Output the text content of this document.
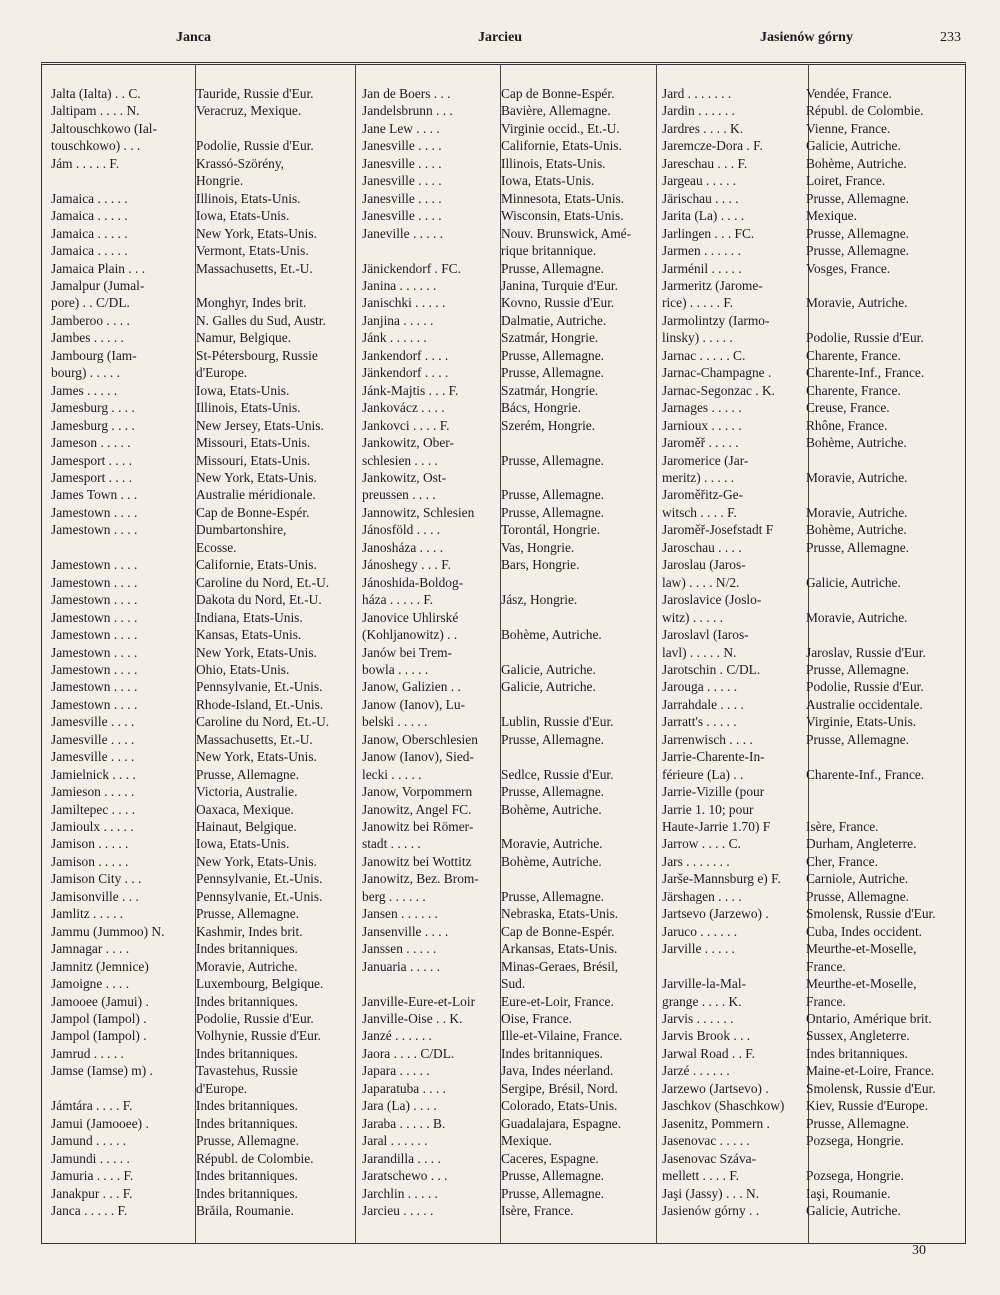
Janca	Jarcieu	Jasienów górny	233
Jalta (Ialta) . . C.	Tauride, Russie d'Eur.
Jaltipam . . . . N.	Veracruz, Mexique.
Jaltouschkowo (Ial-
touschkowo) . . .	Podolie, Russie d'Eur.
Jám . . . . . F.	Krassó-Szörény,
Hongrie.
Jamaica . . . . .	Illinois, Etats-Unis.
Jamaica . . . . .	Iowa, Etats-Unis.
Jamaica . . . . .	New York, Etats-Unis.
Jamaica . . . . .	Vermont, Etats-Unis.
Jamaica Plain . . .	Massachusetts, Et.-U.
Jamalpur (Jumal-
pore) . . C/DL.	Monghyr, Indes brit.
Jamberoo . . . .	N. Galles du Sud, Austr.
Jambes . . . . .	Namur, Belgique.
Jambourg (Iam-	St-Pétersbourg, Russie
bourg) . . . . .	d'Europe.
James . . . . .	Iowa, Etats-Unis.
Jamesburg . . . .	Illinois, Etats-Unis.
Jamesburg . . . .	New Jersey, Etats-Unis.
Jameson . . . . .	Missouri, Etats-Unis.
Jamesport . . . .	Missouri, Etats-Unis.
Jamesport . . . .	New York, Etats-Unis.
James Town . . .	Australie méridionale.
Jamestown . . . .	Cap de Bonne-Espér.
Jamestown . . . .	Dumbartonshire,
Ecosse.
Jamestown . . . .	Californie, Etats-Unis.
Jamestown . . . .	Caroline du Nord, Et.-U.
Jamestown . . . .	Dakota du Nord, Et.-U.
Jamestown . . . .	Indiana, Etats-Unis.
Jamestown . . . .	Kansas, Etats-Unis.
Jamestown . . . .	New York, Etats-Unis.
Jamestown . . . .	Ohio, Etats-Unis.
Jamestown . . . .	Pennsylvanie, Et.-Unis.
Jamestown . . . .	Rhode-Island, Et.-Unis.
Jamesville . . . .	Caroline du Nord, Et.-U.
Jamesville . . . .	Massachusetts, Et.-U.
Jamesville . . . .	New York, Etats-Unis.
Jamielnick . . . .	Prusse, Allemagne.
Jamieson . . . . .	Victoria, Australie.
Jamiltepec . . . .	Oaxaca, Mexique.
Jamioulx . . . . .	Hainaut, Belgique.
Jamison . . . . .	Iowa, Etats-Unis.
Jamison . . . . .	New York, Etats-Unis.
Jamison City . . .	Pennsylvanie, Et.-Unis.
Jamisonville . . .	Pennsylvanie, Et.-Unis.
Jamlitz . . . . .	Prusse, Allemagne.
Jammu (Jummoo) N.	Kashmir, Indes brit.
Jamnagar . . . .	Indes britanniques.
Jamnitz (Jemnice)	Moravie, Autriche.
Jamoigne . . . .	Luxembourg, Belgique.
Jamooee (Jamui) .	Indes britanniques.
Jampol (Iampol) .	Podolie, Russie d'Eur.
Jampol (Iampol) .	Volhynie, Russie d'Eur.
Jamrud . . . . .	Indes britanniques.
Jamse (Iamse) m) .	Tavastehus, Russie
d'Europe.
Jámtára . . . . F.	Indes britanniques.
Jamui (Jamooee) .	Indes britanniques.
Jamund . . . . .	Prusse, Allemagne.
Jamundi . . . . .	Républ. de Colombie.
Jamuria . . . . F.	Indes britanniques.
Janakpur . . . F.	Indes britanniques.
Janca . . . . . F.	Brăila, Roumanie.
Jan de Boers . . .	Cap de Bonne-Espér.
Jandelsbrunn . . .	Bavière, Allemagne.
Jane Lew . . . .	Virginie occid., Et.-U.
Janesville . . . .	Californie, Etats-Unis.
Janesville . . . .	Illinois, Etats-Unis.
Janesville . . . .	Iowa, Etats-Unis.
Janesville . . . .	Minnesota, Etats-Unis.
Janesville . . . .	Wisconsin, Etats-Unis.
Janeville . . . . .	Nouv. Brunswick, Amé-
rique britannique.
Jänickendorf . FC.	Prusse, Allemagne.
Janina . . . . . .	Janina, Turquie d'Eur.
Janischki . . . . .	Kovno, Russie d'Eur.
Janjina . . . . .	Dalmatie, Autriche.
Jánk . . . . . .	Szatmár, Hongrie.
Jankendorf . . . .	Prusse, Allemagne.
Jänkendorf . . . .	Prusse, Allemagne.
Jánk-Majtis . . . F.	Szatmár, Hongrie.
Jankovácz . . . .	Bács, Hongrie.
Jankovci . . . . F.	Szerém, Hongrie.
Jankowitz, Ober-
schlesien . . . .	Prusse, Allemagne.
Jankowitz, Ost-
preussen . . . .	Prusse, Allemagne.
Jannowitz, Schlesien	Prusse, Allemagne.
Jánosföld . . . .	Torontál, Hongrie.
Janosháza . . . .	Vas, Hongrie.
Jánoshegy . . . F.	Bars, Hongrie.
Jánoshida-Boldog-
háza . . . . . F.	Jász, Hongrie.
Janovice Uhlirské
(Kohljanowitz) . .	Bohème, Autriche.
Janów bei Trem-
bowla . . . . .	Galicie, Autriche.
Janow, Galizien . .	Galicie, Autriche.
Janow (Ianov), Lu-
belski . . . . .	Lublin, Russie d'Eur.
Janow, Oberschlesien	Prusse, Allemagne.
Janow (Ianov), Sied-
lecki . . . . .	Sedlce, Russie d'Eur.
Janow, Vorpommern	Prusse, Allemagne.
Janowitz, Angel FC.	Bohème, Autriche.
Janowitz bei Römer-
stadt . . . . .	Moravie, Autriche.
Janowitz bei Wottitz	Bohème, Autriche.
Janowitz, Bez. Brom-
berg . . . . . .	Prusse, Allemagne.
Jansen . . . . . .	Nebraska, Etats-Unis.
Jansenville . . . .	Cap de Bonne-Espér.
Janssen . . . . .	Arkansas, Etats-Unis.
Januaria . . . . .	Minas-Geraes, Brésil,
Sud.
Janville-Eure-et-Loir	Eure-et-Loir, France.
Janville-Oise . . K.	Oise, France.
Janzé . . . . . .	Ille-et-Vilaine, France.
Jaora . . . . C/DL.	Indes britanniques.
Japara . . . . .	Java, Indes néerland.
Japaratuba . . . .	Sergipe, Brésil, Nord.
Jara (La) . . . .	Colorado, Etats-Unis.
Jaraba . . . . . B.	Guadalajara, Espagne.
Jaral . . . . . .	Mexique.
Jarandilla . . . .	Caceres, Espagne.
Jaratschewo . . .	Prusse, Allemagne.
Jarchlin . . . . .	Prusse, Allemagne.
Jarcieu . . . . .	Isère, France.
Jard . . . . . . .	Vendée, France.
Jardin . . . . . .	Républ. de Colombie.
Jardres . . . . K.	Vienne, France.
Jaremcze-Dora . F.	Galicie, Autriche.
Jareschau . . . F.	Bohème, Autriche.
Jargeau . . . . .	Loiret, France.
Järischau . . . .	Prusse, Allemagne.
Jarita (La) . . . .	Mexique.
Jarlingen . . . FC.	Prusse, Allemagne.
Jarmen . . . . . .	Prusse, Allemagne.
Jarménil . . . . .	Vosges, France.
Jarmeritz (Jarome-
rice) . . . . . F.	Moravie, Autriche.
Jarmolintzy (Iarmo-
linsky) . . . . .	Podolie, Russie d'Eur.
Jarnac . . . . . C.	Charente, France.
Jarnac-Champagne .	Charente-Inf., France.
Jarnac-Segonzac . K.	Charente, France.
Jarnages . . . . .	Creuse, France.
Jarnioux . . . . .	Rhône, France.
Jaroměř . . . . .	Bohème, Autriche.
Jaromerice (Jar-
meritz) . . . . .	Moravie, Autriche.
Jaroměřitz-Ge-
witsch . . . . F.	Moravie, Autriche.
Jaroměř-Josefstadt F	Bohème, Autriche.
Jaroschau . . . .	Prusse, Allemagne.
Jaroslau (Jaros-
law) . . . . N/2.	Galicie, Autriche.
Jaroslavice (Joslo-
witz) . . . . .	Moravie, Autriche.
Jaroslavl (Iaros-
lavl) . . . . . N.	Jaroslav, Russie d'Eur.
Jarotschin . C/DL.	Prusse, Allemagne.
Jarouga . . . . .	Podolie, Russie d'Eur.
Jarrahdale . . . .	Australie occidentale.
Jarratt's . . . . .	Virginie, Etats-Unis.
Jarrenwisch . . . .	Prusse, Allemagne.
Jarrie-Charente-In-
férieure (La) . .	Charente-Inf., France.
Jarrie-Vizille (pour
Jarrie 1. 10; pour
Haute-Jarrie 1.70) F	Isère, France.
Jarrow . . . . C.	Durham, Angleterre.
Jars . . . . . . .	Cher, France.
Jarše-Mannsburg e) F.	Carniole, Autriche.
Järshagen . . . .	Prusse, Allemagne.
Jartsevo (Jarzewo) .	Smolensk, Russie d'Eur.
Jaruco . . . . . .	Cuba, Indes occident.
Jarville . . . . .	Meurthe-et-Moselle,
France.
Jarville-la-Mal-	Meurthe-et-Moselle,
grange . . . . K.	France.
Jarvis . . . . . .	Ontario, Amérique brit.
Jarvis Brook . . .	Sussex, Angleterre.
Jarwal Road . . F.	Indes britanniques.
Jarzé . . . . . .	Maine-et-Loire, France.
Jarzewo (Jartsevo) .	Smolensk, Russie d'Eur.
Jaschkov (Shaschkow)	Kiev, Russie d'Europe.
Jasenitz, Pommern .	Prusse, Allemagne.
Jasenovac . . . . .	Pozsega, Hongrie.
Jasenovac Száva-
mellett . . . . F.	Pozsega, Hongrie.
Jaşi (Jassy) . . . N.	Iaşi, Roumanie.
Jasienów górny . .	Galicie, Autriche.
30
